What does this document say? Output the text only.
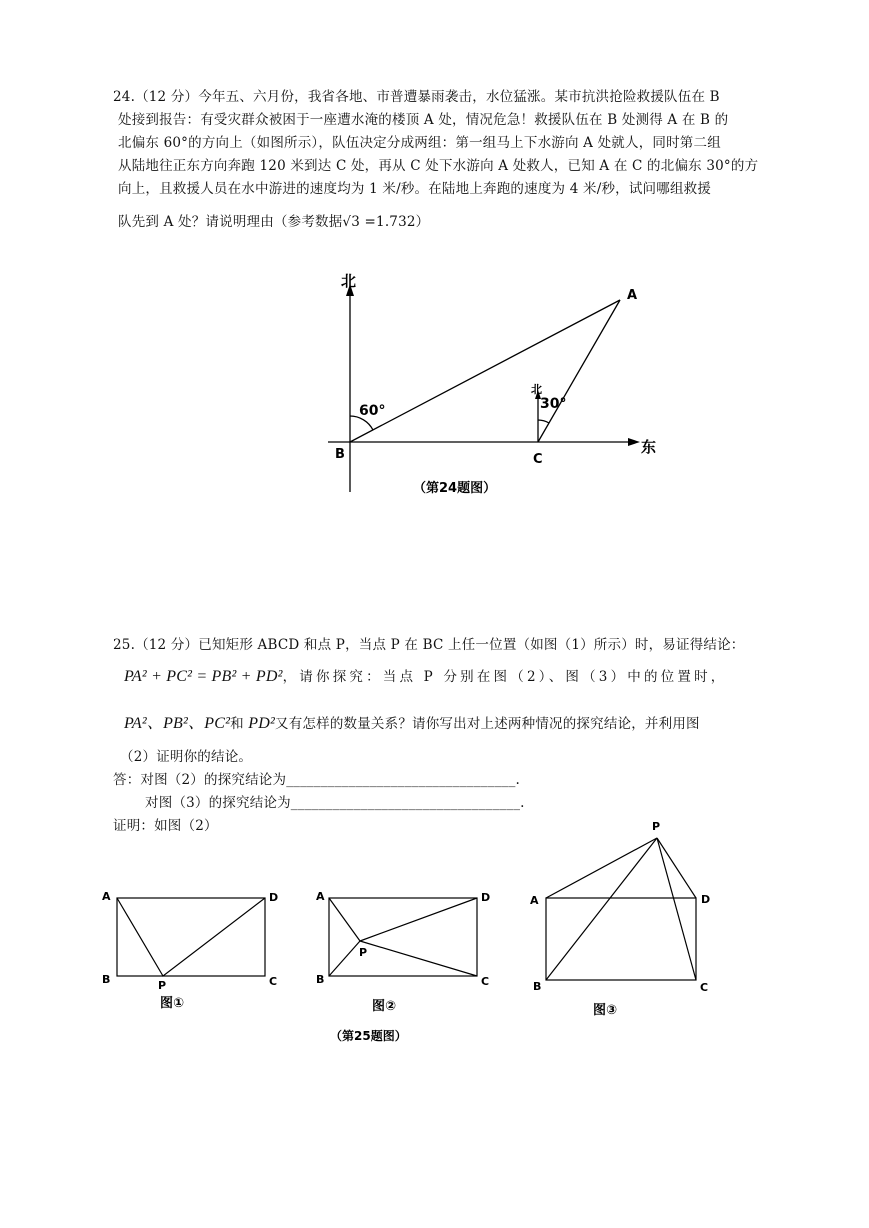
24.（12 分）今年五、六月份，我省各地、市普遭暴雨袭击，水位猛涨。某市抗洪抢险救援队伍在 B
处接到报告：有受灾群众被困于一座遭水淹的楼顶 A 处，情况危急！救援队伍在 B 处测得 A 在 B 的
北偏东 60°的方向上（如图所示），队伍决定分成两组：第一组马上下水游向 A 处就人，同时第二组
从陆地往正东方向奔跑 120 米到达 C 处，再从 C 处下水游向 A 处救人，已知 A 在 C 的北偏东 30°的方
向上，且救援人员在水中游进的速度均为 1 米/秒。在陆地上奔跑的速度为 4 米/秒，试问哪组救援
队先到 A 处？请说明理由（参考数据√3 =1.732）
北
东
A
B	C
北
60°	30°
（第24题图）
25.（12 分）已知矩形 ABCD 和点 P，当点 P 在 BC 上任一位置（如图（1）所示）时，易证得结论：
PA² + PC² = PB² + PD²，请你探究：当点 P 分别在图（2）、图（3）中的位置时，
PA²、PB²、PC²和 PD²又有怎样的数量关系？请你写出对上述两种情况的探究结论，并利用图
（2）证明你的结论。
答：对图（2）的探究结论为_________________________________.
对图（3）的探究结论为_________________________________.
证明：如图（2）
A
B	C
D
P
A
B	C
D
P
A
B	C
D
P
图①	图②	图③
（第25题图）
